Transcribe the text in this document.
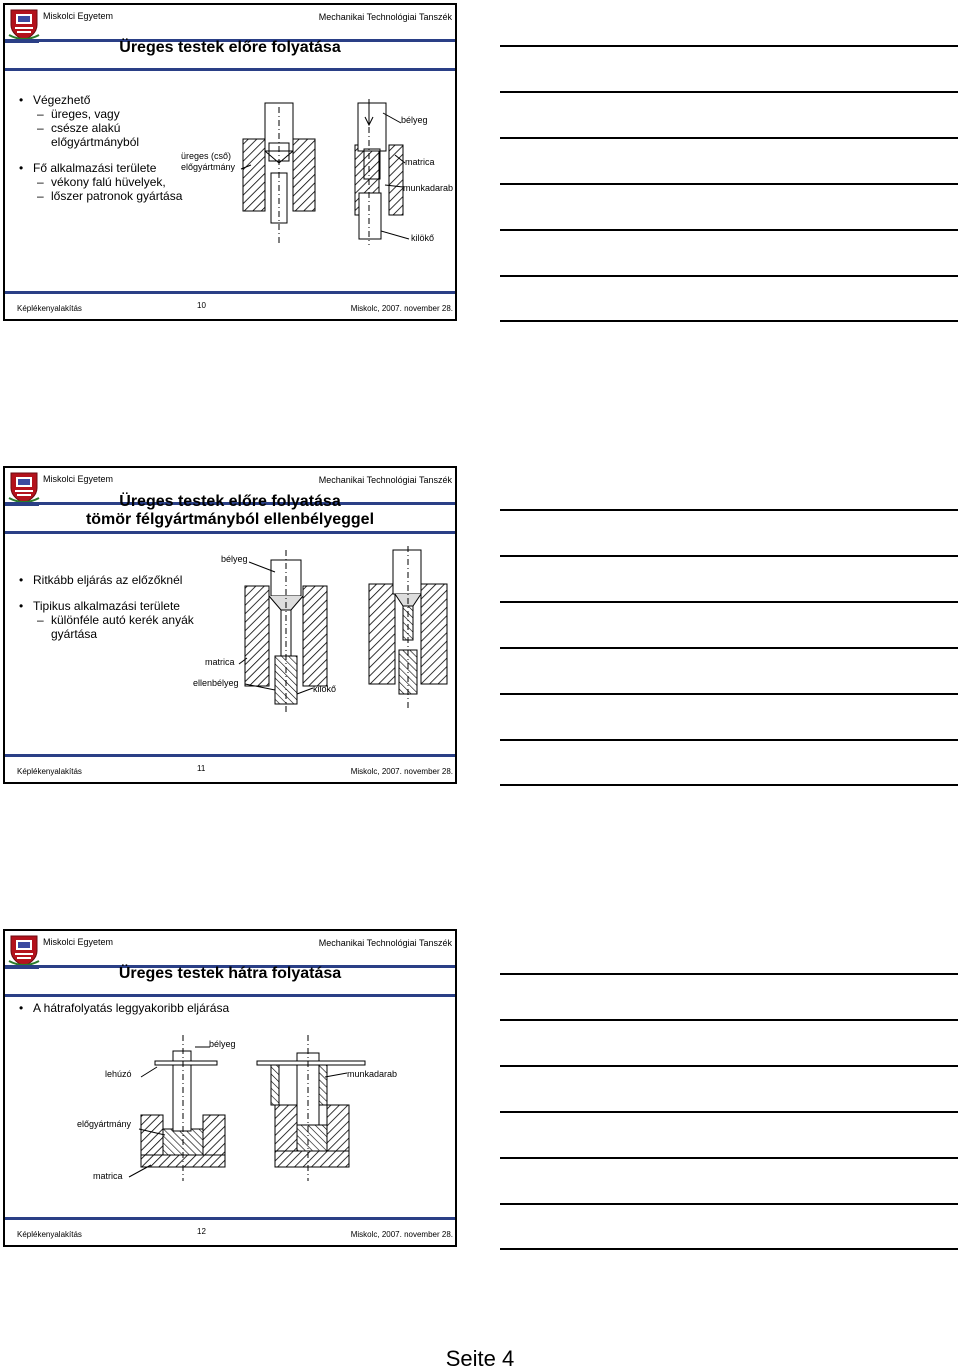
Miskolci Egyetem	Mechanikai Technológiai Tanszék
Üreges testek előre folyatása
• Végezhető
– üreges, vagy
– csésze alakú előgyártmányból
• Fő alkalmazási területe
– vékony falú hüvelyek,
– lőszer patronok gyártása
üreges (cső)
előgyártmány
bélyeg
matrica
munkadarab
kilökő
Képlékenyalakítás	10	Miskolc, 2007. november 28.
Miskolci Egyetem	Mechanikai Technológiai Tanszék
Üreges testek előre folyatása
tömör félgyártmányból ellenbélyeggel
• Ritkább eljárás az előzőknél
• Tipikus alkalmazási területe
– különféle autó kerék anyák gyártása
bélyeg
matrica
ellenbélyeg
kilökő
Képlékenyalakítás	11	Miskolc, 2007. november 28.
Miskolci Egyetem	Mechanikai Technológiai Tanszék
Üreges testek hátra folyatása
• A hátrafolyatás leggyakoribb eljárása
bélyeg
lehúzó	munkadarab
előgyártmány
matrica
Képlékenyalakítás	12	Miskolc, 2007. november 28.
Seite 4
